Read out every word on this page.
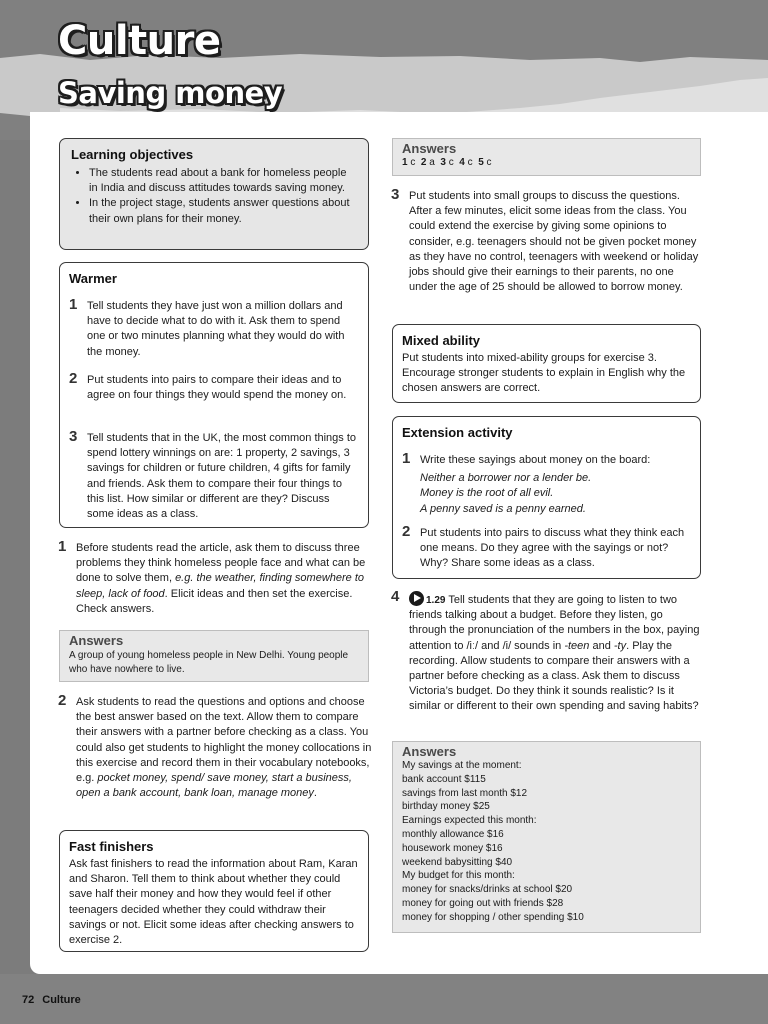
Culture
Saving money
Learning objectives
• The students read about a bank for homeless people in India and discuss attitudes towards saving money.
• In the project stage, students answer questions about their own plans for their money.
Warmer
1 Tell students they have just won a million dollars and have to decide what to do with it. Ask them to spend one or two minutes planning what they would do with the money.
2 Put students into pairs to compare their ideas and to agree on four things they would spend the money on.
3 Tell students that in the UK, the most common things to spend lottery winnings on are: 1 property, 2 savings, 3 savings for children or future children, 4 gifts for family and friends. Ask them to compare their four things to this list. How similar or different are they? Discuss some ideas as a class.
1 Before students read the article, ask them to discuss three problems they think homeless people face and what can be done to solve them, e.g. the weather, finding somewhere to sleep, lack of food. Elicit ideas and then set the exercise. Check answers.
Answers
A group of young homeless people in New Delhi. Young people who have nowhere to live.
2 Ask students to read the questions and options and choose the best answer based on the text. Allow them to compare their answers with a partner before checking as a class. You could also get students to highlight the money collocations in this exercise and record them in their vocabulary notebooks, e.g. pocket money, spend/ save money, start a business, open a bank account, bank loan, manage money.
Fast finishers
Ask fast finishers to read the information about Ram, Karan and Sharon. Tell them to think about whether they could save half their money and how they would feel if other teenagers decided whether they could withdraw their savings or not. Elicit some ideas after checking answers to exercise 2.
Answers
1 c 2 a 3 c 4 c 5 c
3 Put students into small groups to discuss the questions. After a few minutes, elicit some ideas from the class. You could extend the exercise by giving some opinions to consider, e.g. teenagers should not be given pocket money as they have no control, teenagers with weekend or holiday jobs should give their earnings to their parents, no one under the age of 25 should be allowed to borrow money.
Mixed ability
Put students into mixed-ability groups for exercise 3. Encourage stronger students to explain in English why the chosen answers are correct.
Extension activity
1 Write these sayings about money on the board:
Neither a borrower nor a lender be.
Money is the root of all evil.
A penny saved is a penny earned.
2 Put students into pairs to discuss what they think each one means. Do they agree with the sayings or not? Why? Share some ideas as a class.
4	1.29 Tell students that they are going to listen to two friends talking about a budget. Before they listen, go through the pronunciation of the numbers in the box, paying attention to /iː/ and /i/ sounds in -teen and -ty. Play the recording. Allow students to compare their answers with a partner before checking as a class. Ask them to discuss Victoria’s budget. Do they think it sounds realistic? Is it similar or different to their own spending and saving habits?
Answers
My savings at the moment:
bank account $115
savings from last month $12
birthday money $25
Earnings expected this month:
monthly allowance $16
housework money $16
weekend babysitting $40
My budget for this month:
money for snacks/drinks at school $20
money for going out with friends $28
money for shopping / other spending $10
72 Culture
